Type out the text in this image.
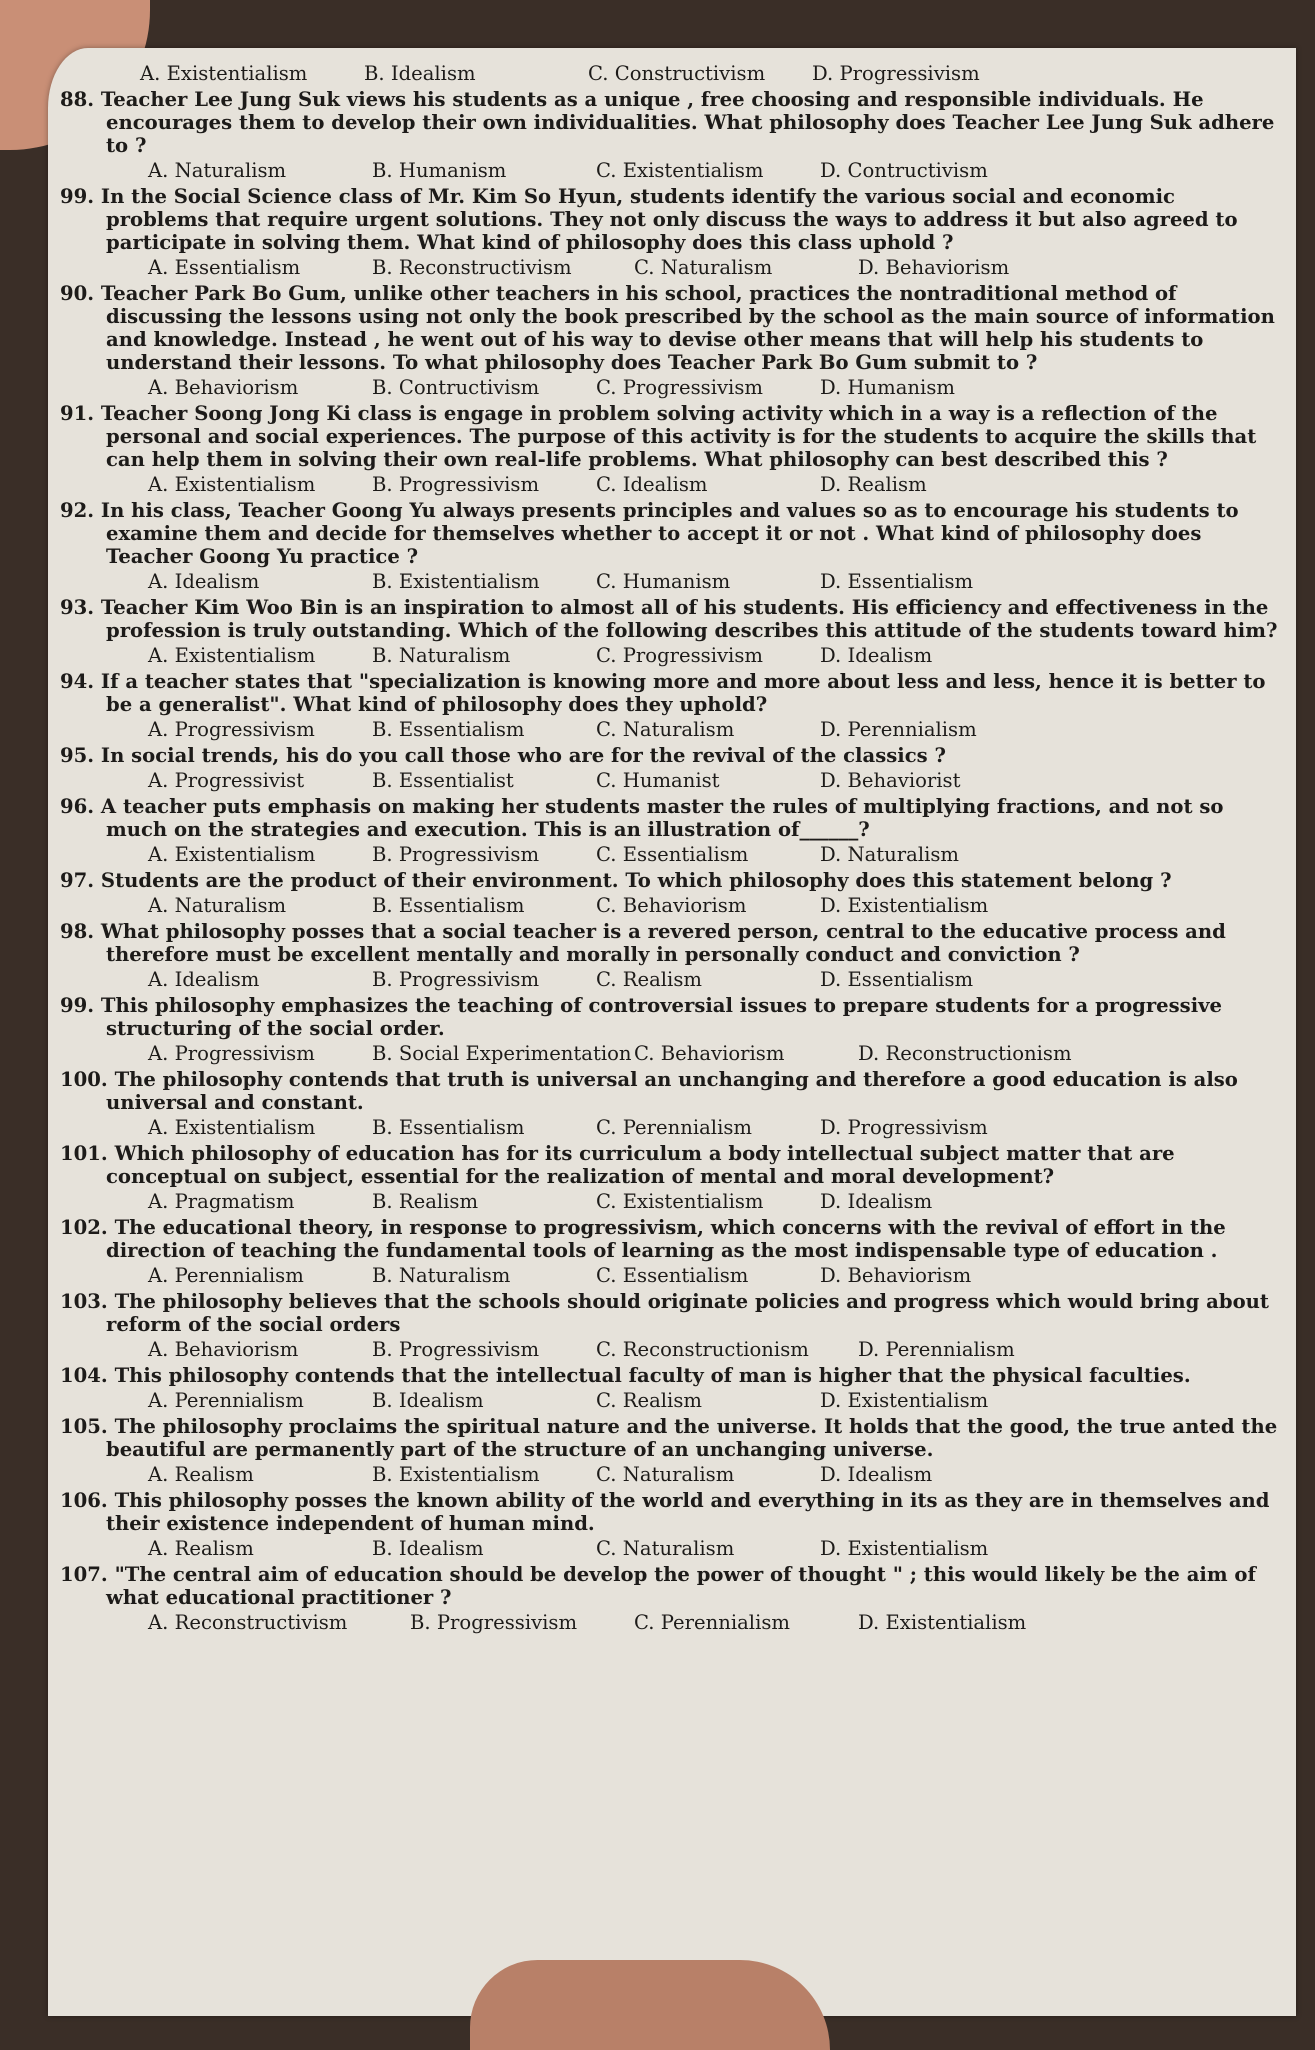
A. Existentialism	B. Idealism	C. Constructivism	D. Progressivism
88. Teacher Lee Jung Suk views his students as a unique , free choosing and responsible individuals. He encourages them to develop their own individualities. What philosophy does Teacher Lee Jung Suk adhere to ?
A. Naturalism	B. Humanism	C. Existentialism	D. Contructivism
99. In the Social Science class of Mr. Kim So Hyun, students identify the various social and economic problems that require urgent solutions. They not only discuss the ways to address it but also agreed to participate in solving them. What kind of philosophy does this class uphold ?
A. Essentialism	B. Reconstructivism	C. Naturalism	D. Behaviorism
90. Teacher Park Bo Gum, unlike other teachers in his school, practices the nontraditional method of discussing the lessons using not only the book prescribed by the school as the main source of information and knowledge. Instead , he went out of his way to devise other means that will help his students to understand their lessons. To what philosophy does Teacher Park Bo Gum submit to ?
A. Behaviorism	B. Contructivism	C. Progressivism	D. Humanism
91. Teacher Soong Jong Ki class is engage in problem solving activity which in a way is a reflection of the personal and social experiences. The purpose of this activity is for the students to acquire the skills that can help them in solving their own real-life problems. What philosophy can best described this ?
A. Existentialism	B. Progressivism	C. Idealism	D. Realism
92. In his class, Teacher Goong Yu always presents principles and values so as to encourage his students to examine them and decide for themselves whether to accept it or not . What kind of philosophy does Teacher Goong Yu practice ?
A. Idealism	B. Existentialism	C. Humanism	D. Essentialism
93. Teacher Kim Woo Bin is an inspiration to almost all of his students. His efficiency and effectiveness in the profession is truly outstanding. Which of the following describes this attitude of the students toward him?
A. Existentialism	B. Naturalism	C. Progressivism	D. Idealism
94. If a teacher states that "specialization is knowing more and more about less and less, hence it is better to be a generalist". What kind of philosophy does they uphold?
A. Progressivism	B. Essentialism	C. Naturalism	D. Perennialism
95. In social trends, his do you call those who are for the revival of the classics ?
A. Progressivist	B. Essentialist	C. Humanist	D. Behaviorist
96. A teacher puts emphasis on making her students master the rules of multiplying fractions, and not so much on the strategies and execution. This is an illustration of______?
A. Existentialism	B. Progressivism	C. Essentialism	D. Naturalism
97. Students are the product of their environment. To which philosophy does this statement belong ?
A. Naturalism	B. Essentialism	C. Behaviorism	D. Existentialism
98. What philosophy posses that a social teacher is a revered person, central to the educative process and therefore must be excellent mentally and morally in personally conduct and conviction ?
A. Idealism	B. Progressivism	C. Realism	D. Essentialism
99. This philosophy emphasizes the teaching of controversial issues to prepare students for a progressive structuring of the social order.
A. Progressivism	B. Social Experimentation C. Behaviorism	D. Reconstructionism
100. The philosophy contends that truth is universal an unchanging and therefore a good education is also universal and constant.
A. Existentialism	B. Essentialism	C. Perennialism	D. Progressivism
101. Which philosophy of education has for its curriculum a body intellectual subject matter that are conceptual on subject, essential for the realization of mental and moral development?
A. Pragmatism	B. Realism	C. Existentialism	D. Idealism
102. The educational theory, in response to progressivism, which concerns with the revival of effort in the direction of teaching the fundamental tools of learning as the most indispensable type of education .
A. Perennialism	B. Naturalism	C. Essentialism	D. Behaviorism
103. The philosophy believes that the schools should originate policies and progress which would bring about reform of the social orders
A. Behaviorism	B. Progressivism	C. Reconstructionism	D. Perennialism
104. This philosophy contends that the intellectual faculty of man is higher that the physical faculties.
A. Perennialism	B. Idealism	C. Realism	D. Existentialism
105. The philosophy proclaims the spiritual nature and the universe. It holds that the good, the true anted the beautiful are permanently part of the structure of an unchanging universe.
A. Realism	B. Existentialism	C. Naturalism	D. Idealism
106. This philosophy posses the known ability of the world and everything in its as they are in themselves and their existence independent of human mind.
A. Realism	B. Idealism	C. Naturalism	D. Existentialism
107. "The central aim of education should be develop the power of thought " ; this would likely be the aim of what educational practitioner ?
A. Reconstructivism	B. Progressivism	C. Perennialism	D. Existentialism
